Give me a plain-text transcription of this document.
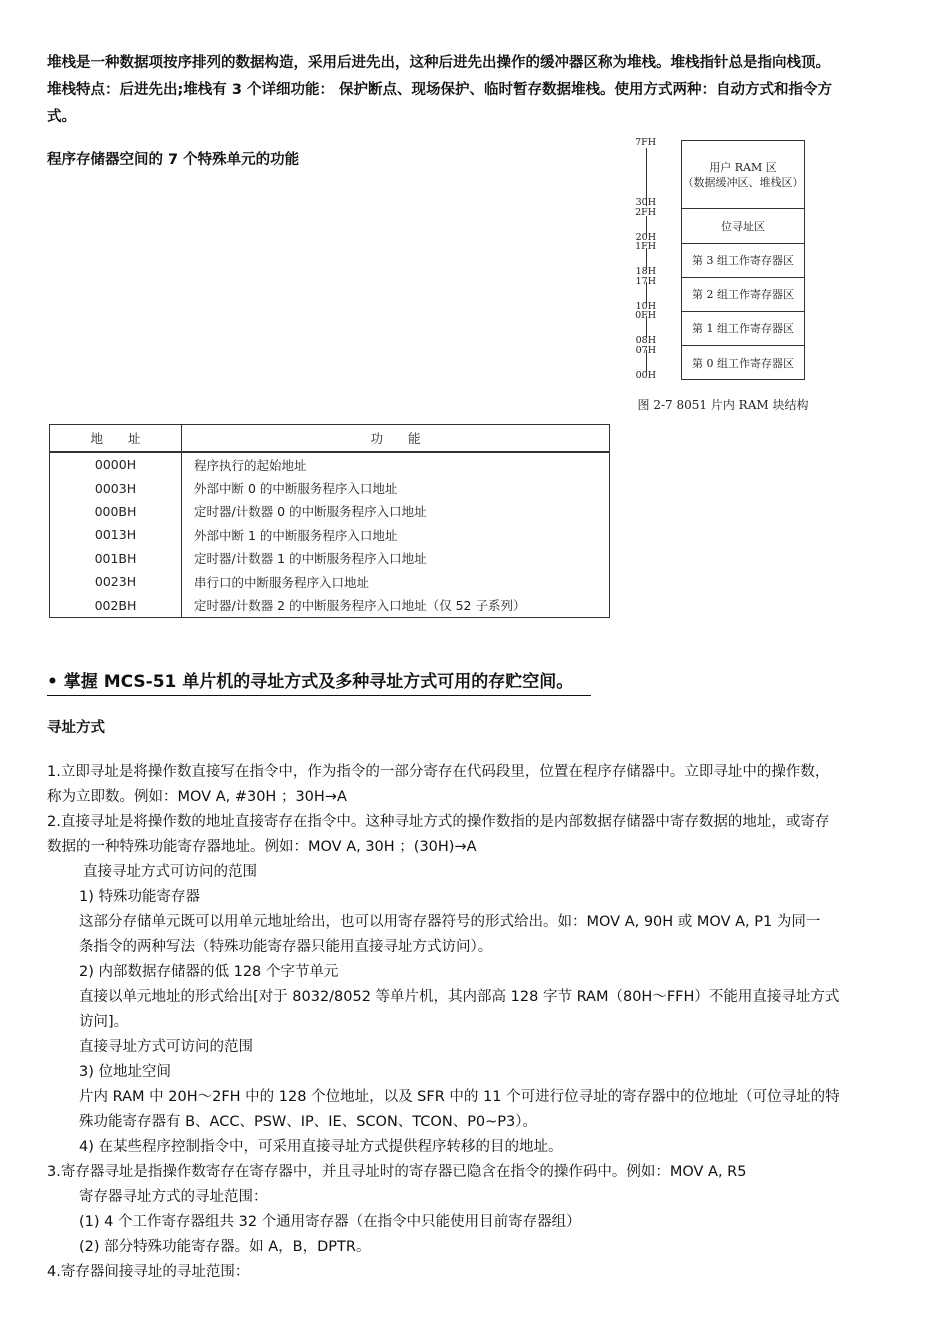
堆栈是一种数据项按序排列的数据构造，采用后进先出，这种后进先出操作的缓冲器区称为堆栈。堆栈指针总是指向栈顶。
堆栈特点：后进先出;堆栈有 3 个详细功能： 保护断点、现场保护、临时暂存数据堆栈。使用方式两种：自动方式和指令方
式。
程序存储器空间的 7 个特殊单元的功能
7FH
30H
2FH
20H
1FH
18H
17H
10H
0FH
08H
07H
00H
用户 RAM 区
（数据缓冲区、堆栈区）
位寻址区
第 3 组工作寄存器区
第 2 组工作寄存器区
第 1 组工作寄存器区
第 0 组工作寄存器区
图 2-7 8051 片内 RAM 块结构
地　　址	功　　能
0000H	程序执行的起始地址
0003H	外部中断 0 的中断服务程序入口地址
000BH	定时器/计数器 0 的中断服务程序入口地址
0013H	外部中断 1 的中断服务程序入口地址
001BH	定时器/计数器 1 的中断服务程序入口地址
0023H	串行口的中断服务程序入口地址
002BH	定时器/计数器 2 的中断服务程序入口地址（仅 52 子系列）
• 掌握 MCS-51 单片机的寻址方式及多种寻址方式可用的存贮空间。
寻址方式
1.立即寻址是将操作数直接写在指令中，作为指令的一部分寄存在代码段里，位置在程序存储器中。立即寻址中的操作数，
称为立即数。例如：MOV A, #30H ；30H→A
2.直接寻址是将操作数的地址直接寄存在指令中。这种寻址方式的操作数指的是内部数据存储器中寄存数据的地址，或寄存
数据的一种特殊功能寄存器地址。例如：MOV A, 30H ；(30H)→A
直接寻址方式可访问的范围
1) 特殊功能寄存器
这部分存储单元既可以用单元地址给出，也可以用寄存器符号的形式给出。如：MOV A, 90H 或 MOV A, P1 为同一
条指令的两种写法（特殊功能寄存器只能用直接寻址方式访问）。
2) 内部数据存储器的低 128 个字节单元
直接以单元地址的形式给出[对于 8032/8052 等单片机，其内部高 128 字节 RAM（80H～FFH）不能用直接寻址方式
访问]。
直接寻址方式可访问的范围
3) 位地址空间
片内 RAM 中 20H～2FH 中的 128 个位地址，以及 SFR 中的 11 个可进行位寻址的寄存器中的位地址（可位寻址的特
殊功能寄存器有 B、ACC、PSW、IP、IE、SCON、TCON、P0~P3）。
4) 在某些程序控制指令中，可采用直接寻址方式提供程序转移的目的地址。
3.寄存器寻址是指操作数寄存在寄存器中，并且寻址时的寄存器已隐含在指令的操作码中。例如：MOV A, R5
寄存器寻址方式的寻址范围：
(1) 4 个工作寄存器组共 32 个通用寄存器（在指令中只能使用目前寄存器组）
(2) 部分特殊功能寄存器。如 A，B，DPTR。
4.寄存器间接寻址的寻址范围：
